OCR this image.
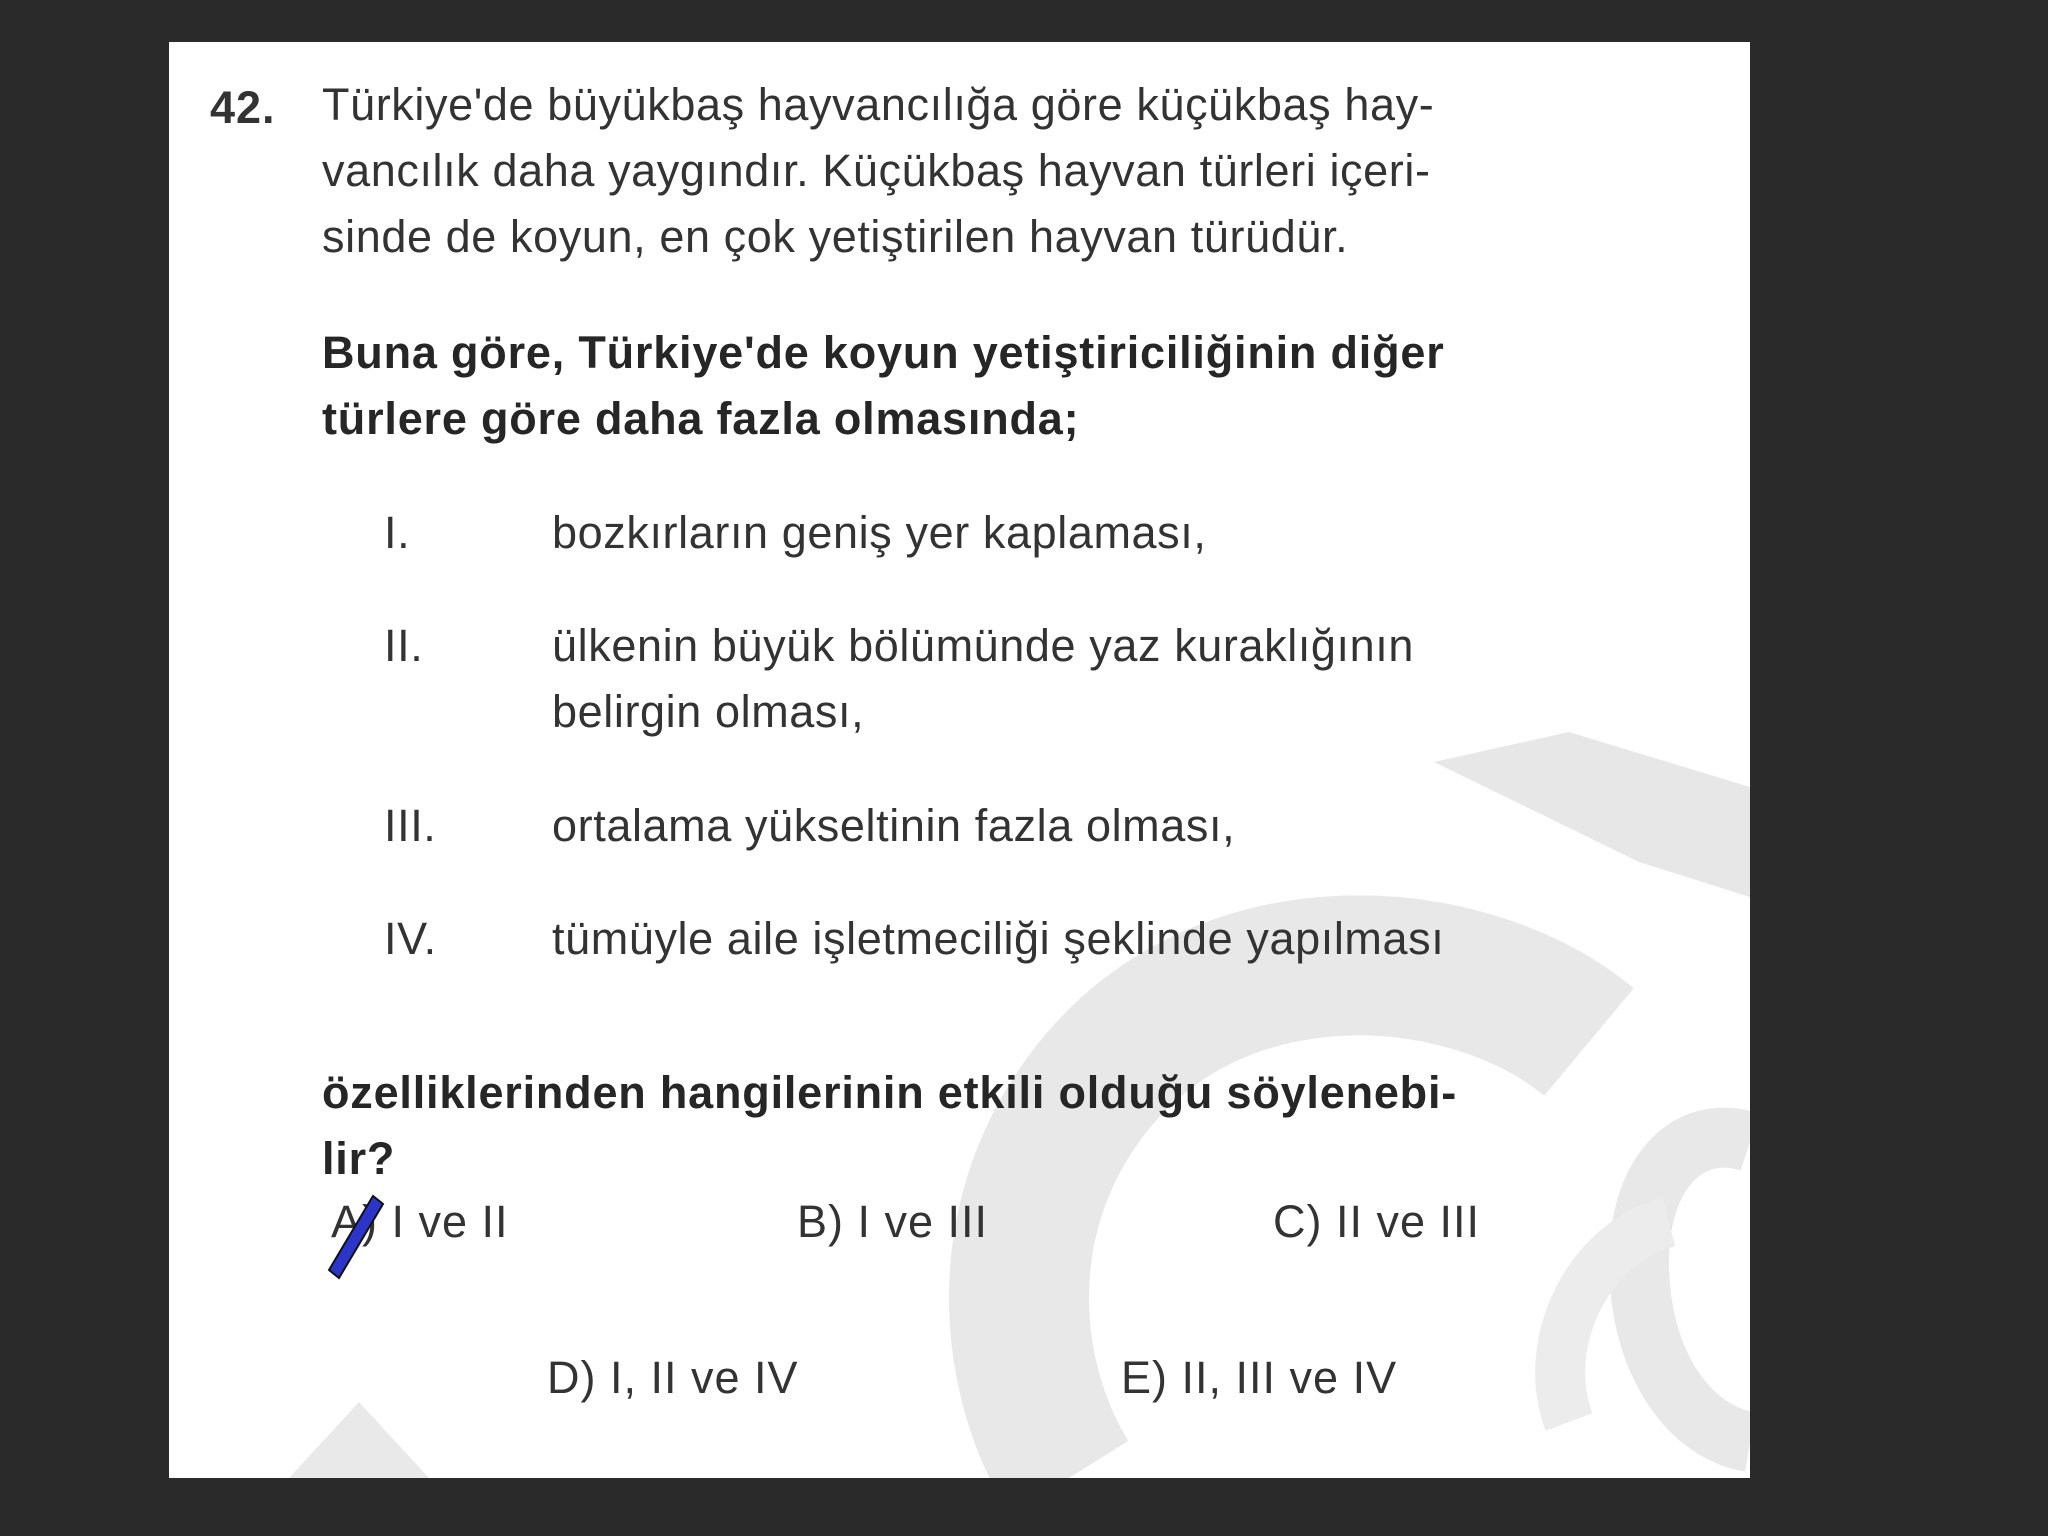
42. Türkiye'de büyükbaş hayvancılığa göre küçükbaş hay-
vancılık daha yaygındır. Küçükbaş hayvan türleri içeri-
sinde de koyun, en çok yetiştirilen hayvan türüdür.
Buna göre, Türkiye'de koyun yetiştiriciliğinin diğer
türlere göre daha fazla olmasında;
I.	bozkırların geniş yer kaplaması,
II.	ülkenin büyük bölümünde yaz kuraklığının
belirgin olması,
III.	ortalama yükseltinin fazla olması,
IV.	tümüyle aile işletmeciliği şeklinde yapılması
özelliklerinden hangilerinin etkili olduğu söylenebi-
lir?
A) I ve II	B) I ve III	C) II ve III
D) I, II ve IV	E) II, III ve IV
